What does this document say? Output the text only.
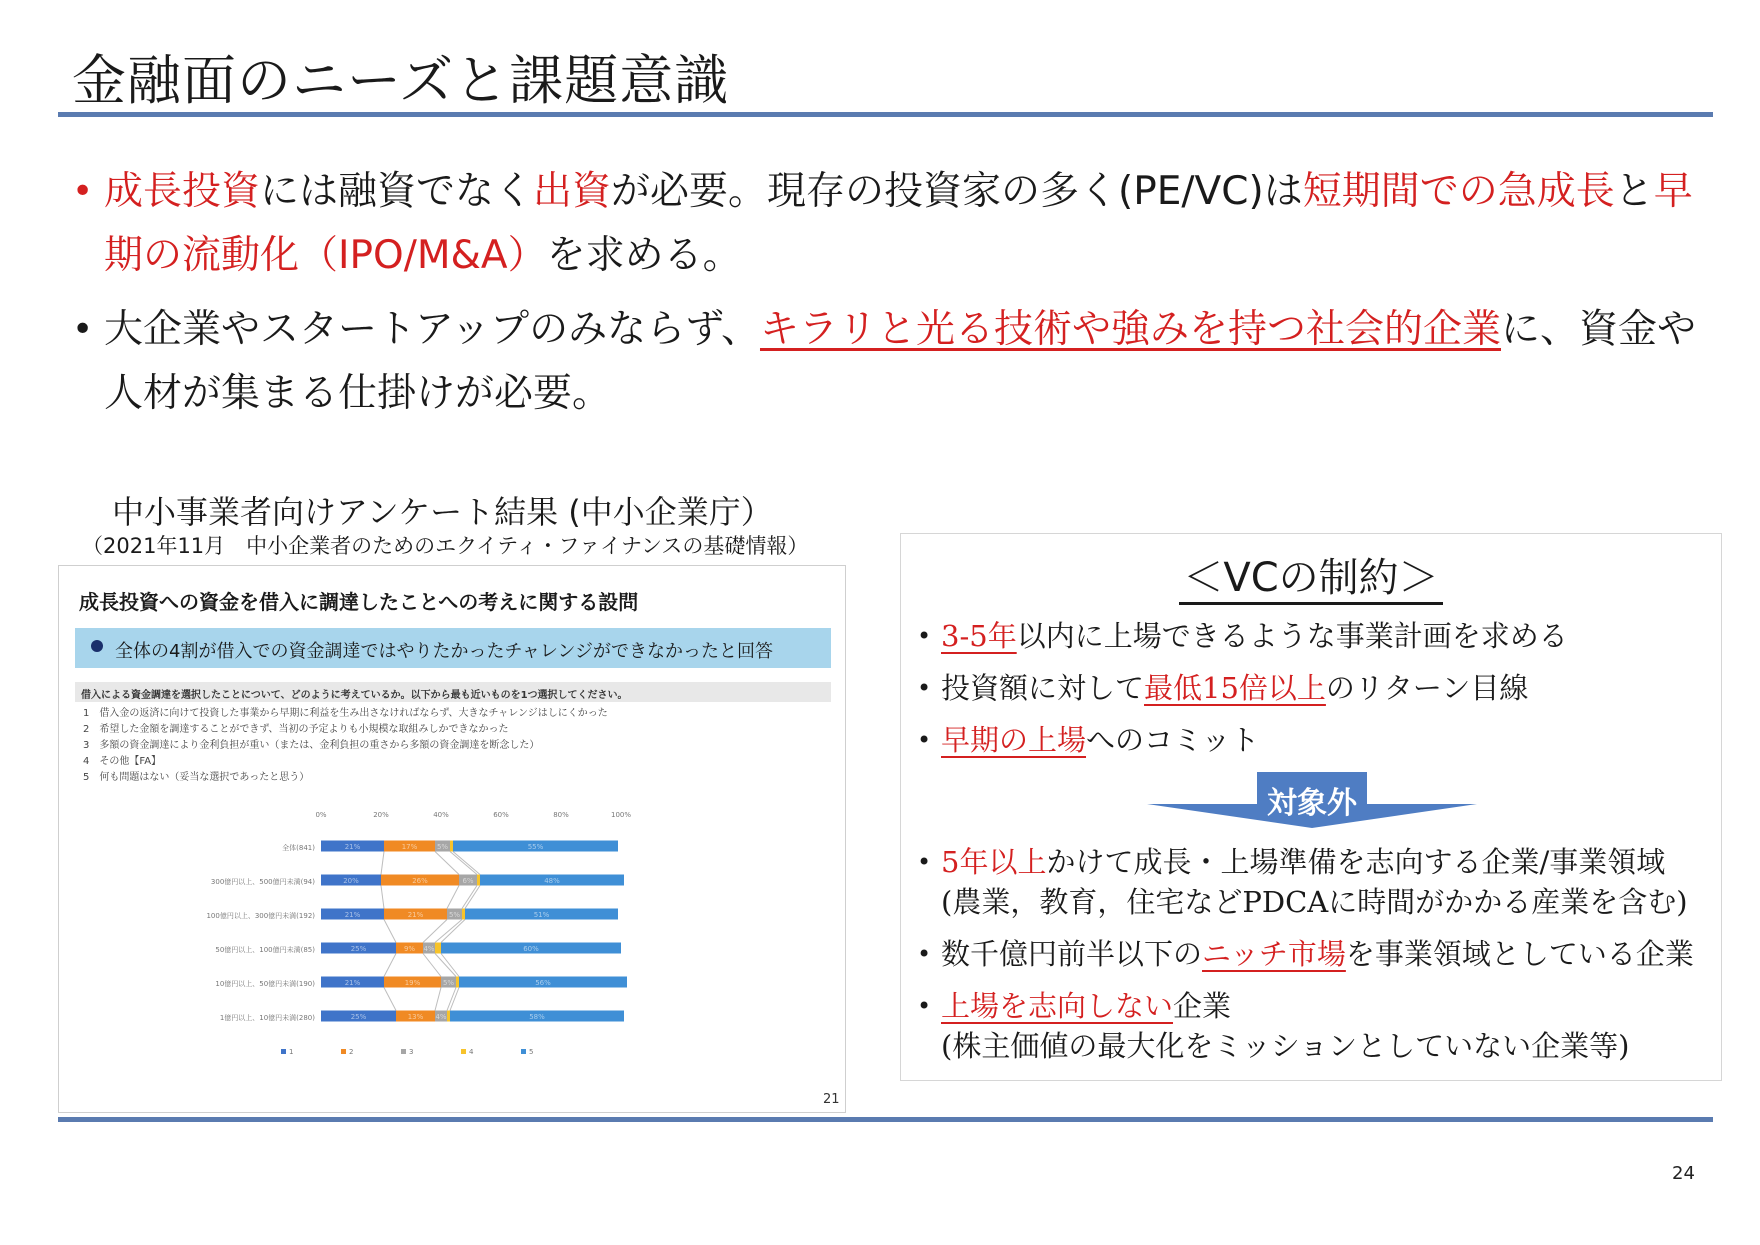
金融面のニーズと課題意識
• 成長投資には融資でなく出資が必要。現存の投資家の多く(PE/VC)は短期間での急成長と早期の流動化（IPO/M&A）を求める。
• 大企業やスタートアップのみならず、キラリと光る技術や強みを持つ社会的企業に、資金や人材が集まる仕掛けが必要。
中小事業者向けアンケート結果 (中小企業庁）
（2021年11月　中小企業者のためのエクイティ・ファイナンスの基礎情報）
成長投資への資金を借入に調達したことへの考えに関する設問
全体の4割が借入での資金調達ではやりたかったチャレンジができなかったと回答
借入による資金調達を選択したことについて、どのように考えているか。以下から最も近いものを1つ選択してください。
1　借入金の返済に向けて投資した事業から早期に利益を生み出さなければならず、大きなチャレンジはしにくかった
2　希望した金額を調達することができず、当初の予定よりも小規模な取組みしかできなかった
3　多額の資金調達により金利負担が重い（または、金利負担の重さから多額の資金調達を断念した）
4　その他【FA】
5　何も問題はない（妥当な選択であったと思う）
0%	20%	40%	60%	80%	100%
全体(841)	21%	17%	5%	55%
300億円以上、500億円未満(94)	20%	26%	6%	48%
100億円以上、300億円未満(192)	21%	21%	5%	51%
50億円以上、100億円未満(85)	25%	9% 4%	60%
10億円以上、50億円未満(190)	21%	19%	5%	56%
1億円以上、10億円未満(280)	25%	13% 4%	58%
1	2	3	4	5
21
＜VCの制約＞
• 3-5年以内に上場できるような事業計画を求める
• 投資額に対して最低15倍以上のリターン目線
• 早期の上場へのコミット
対象外
• 5年以上かけて成長・上場準備を志向する企業/事業領域
(農業，教育，住宅などPDCAに時間がかかる産業を含む)
• 数千億円前半以下のニッチ市場を事業領域としている企業
• 上場を志向しない企業
(株主価値の最大化をミッションとしていない企業等)
24
